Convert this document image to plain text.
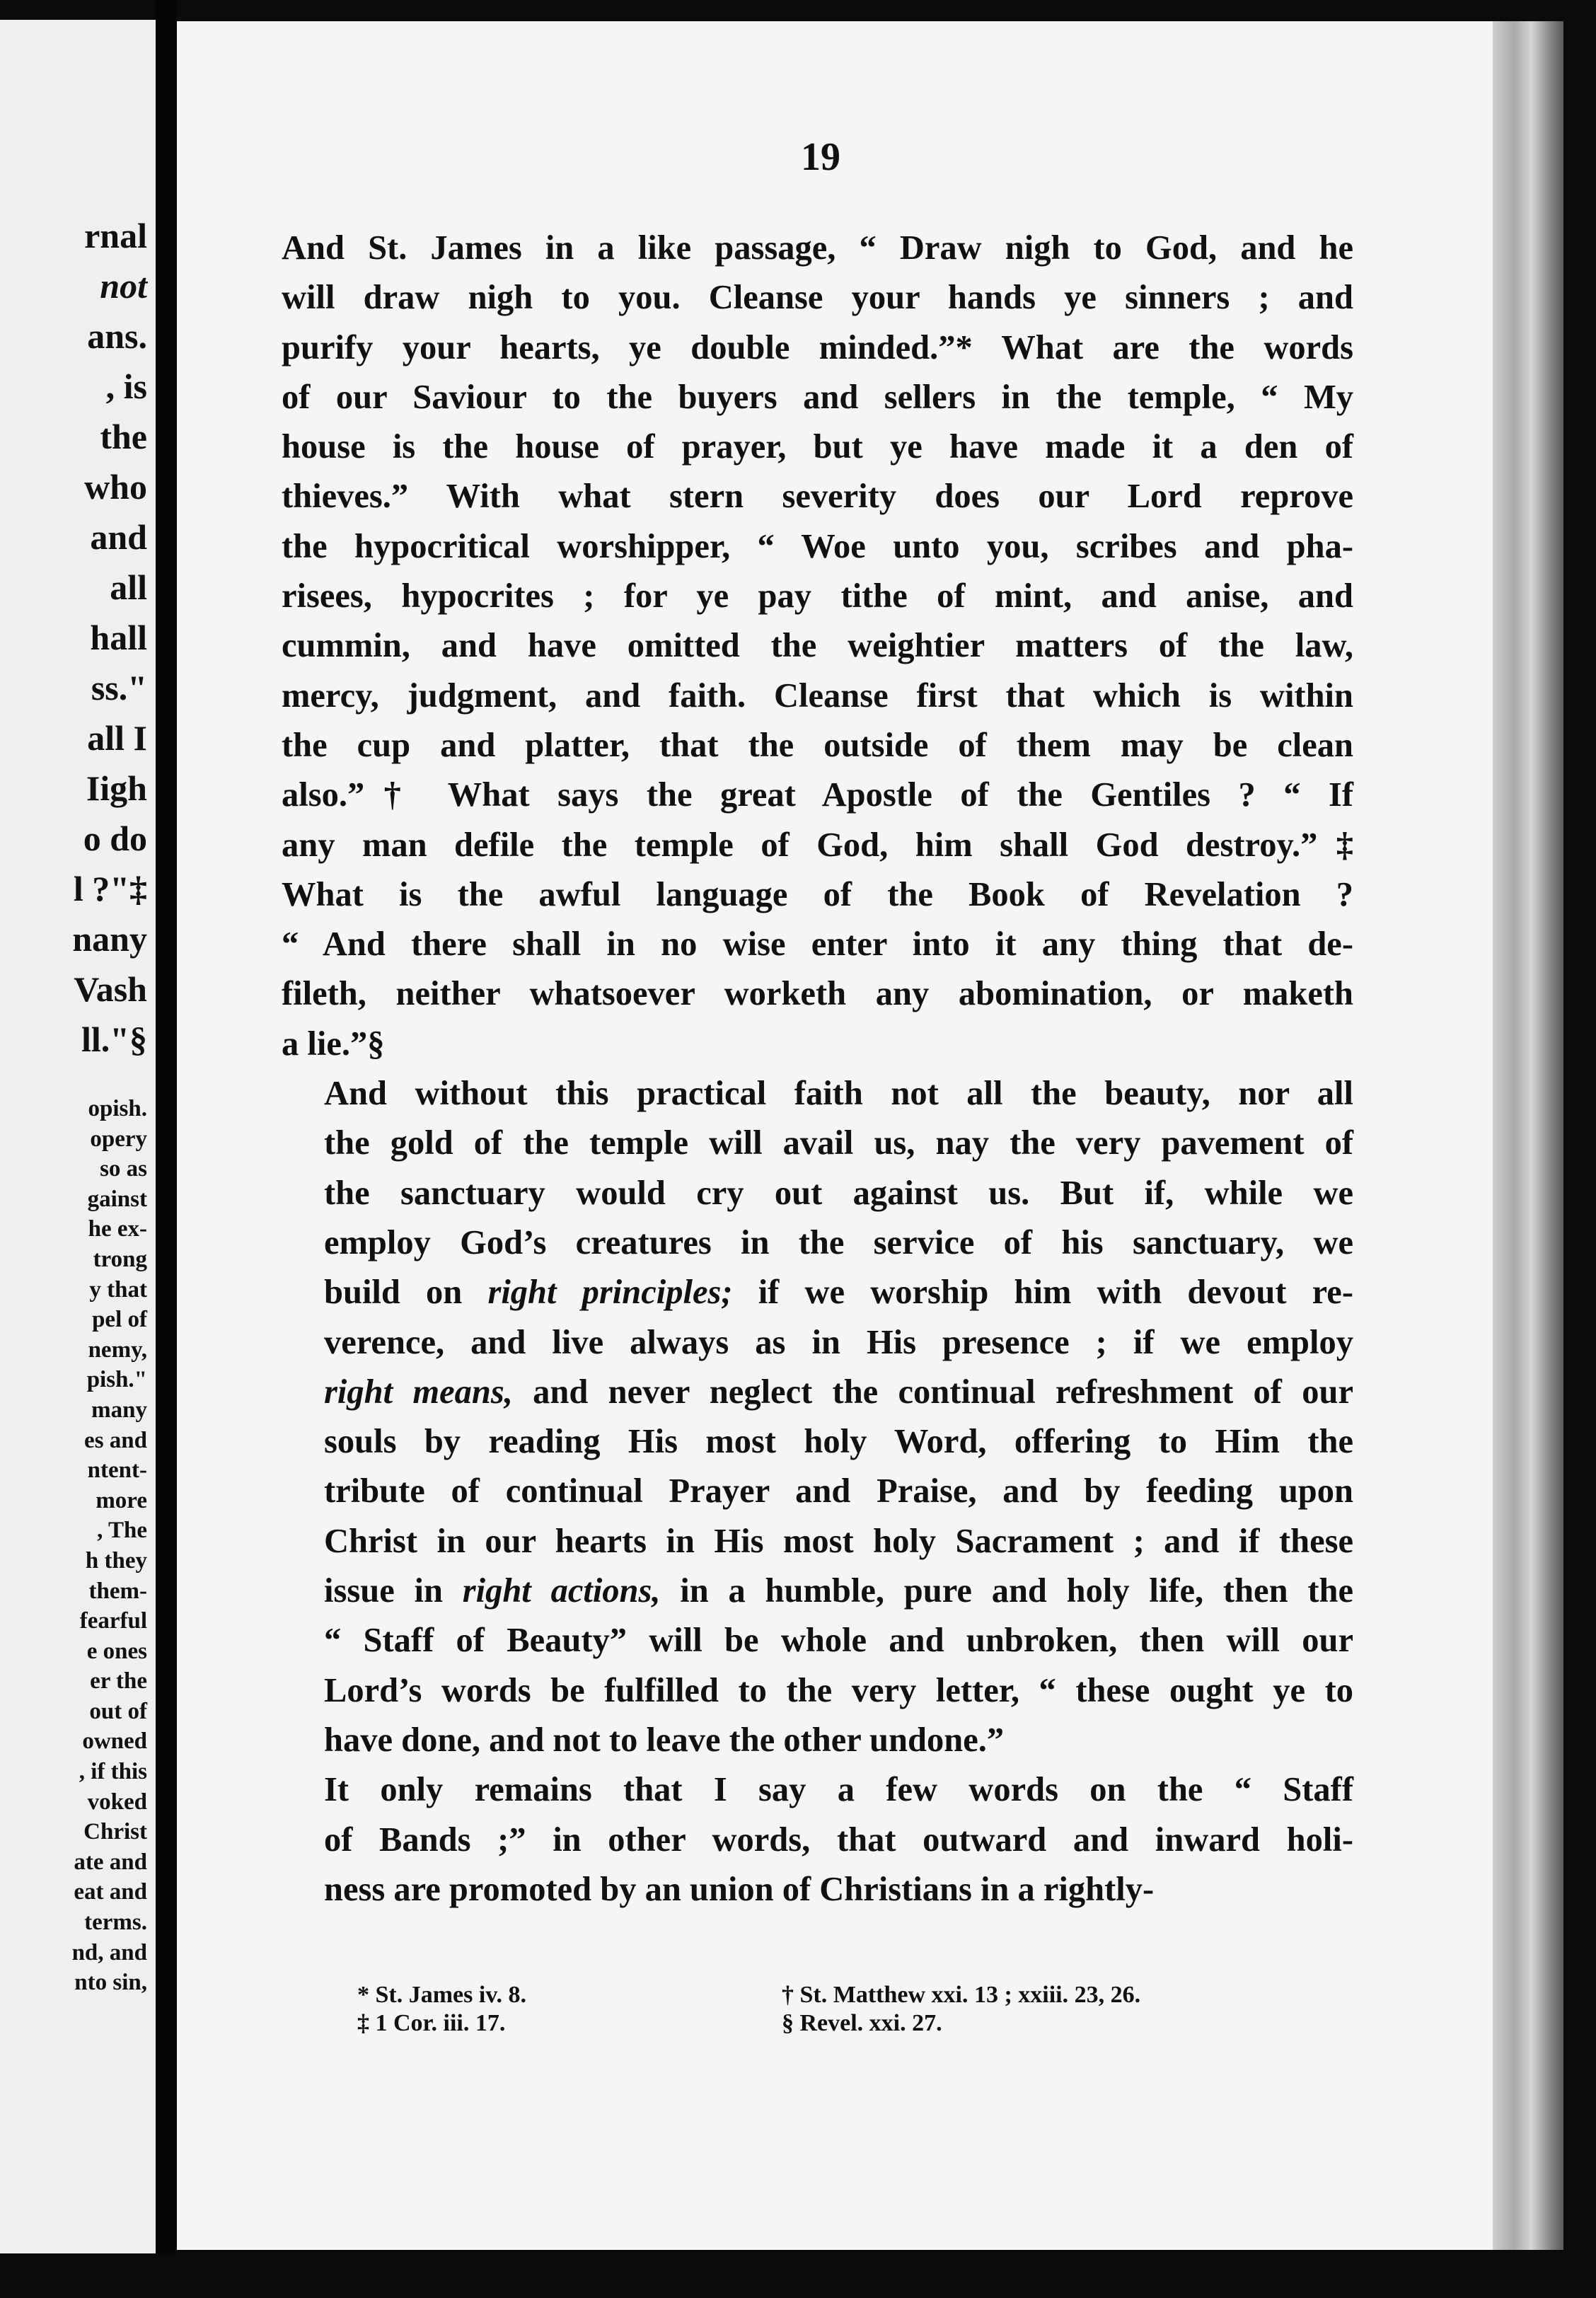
rnal
not
ans.
, is
the
who
and
all
hall
ss."
all I
Iigh
o do
l ?"‡
nany
Vash
ll."§
opish.
opery
so as
gainst
he ex-
trong
y that
pel of
nemy,
pish."
many
es and
ntent-
more
, The
h they
them-
fearful
e ones
er the
out of
owned
, if this
voked
Christ
ate and
eat and
terms.
nd, and
nto sin,
19

And St. James in a like passage, “ Draw nigh to God, and he
will draw nigh to you. Cleanse your hands ye sinners ; and
purify your hearts, ye double minded.”* What are the words
of our Saviour to the buyers and sellers in the temple, “ My
house is the house of prayer, but ye have made it a den of
thieves.” With what stern severity does our Lord reprove
the hypocritical worshipper, “ Woe unto you, scribes and pha-
risees, hypocrites ; for ye pay tithe of mint, and anise, and
cummin, and have omitted the weightier matters of the law,
mercy, judgment, and faith. Cleanse first that which is within
the cup and platter, that the outside of them may be clean
also.”† What says the great Apostle of the Gentiles ? “ If
any man defile the temple of God, him shall God destroy.”‡
What is the awful language of the Book of Revelation ?
“ And there shall in no wise enter into it any thing that de-
fileth, neither whatsoever worketh any abomination, or maketh
a lie.”§

And without this practical faith not all the beauty, nor all
the gold of the temple will avail us, nay the very pavement of
the sanctuary would cry out against us. But if, while we
employ God’s creatures in the service of his sanctuary, we
build on right principles; if we worship him with devout re-
verence, and live always as in His presence ; if we employ
right means, and never neglect the continual refreshment of our
souls by reading His most holy Word, offering to Him the
tribute of continual Prayer and Praise, and by feeding upon
Christ in our hearts in His most holy Sacrament ; and if these
issue in right actions, in a humble, pure and holy life, then the
“ Staff of Beauty” will be whole and unbroken, then will our
Lord’s words be fulfilled to the very letter, “ these ought ye to
have done, and not to leave the other undone.”

It only remains that I say a few words on the “ Staff
of Bands ;” in other words, that outward and inward holi-
ness are promoted by an union of Christians in a rightly-

* St. James iv. 8.	† St. Matthew xxi. 13 ; xxiii. 23, 26.
‡ 1 Cor. iii. 17.	§ Revel. xxi. 27.
